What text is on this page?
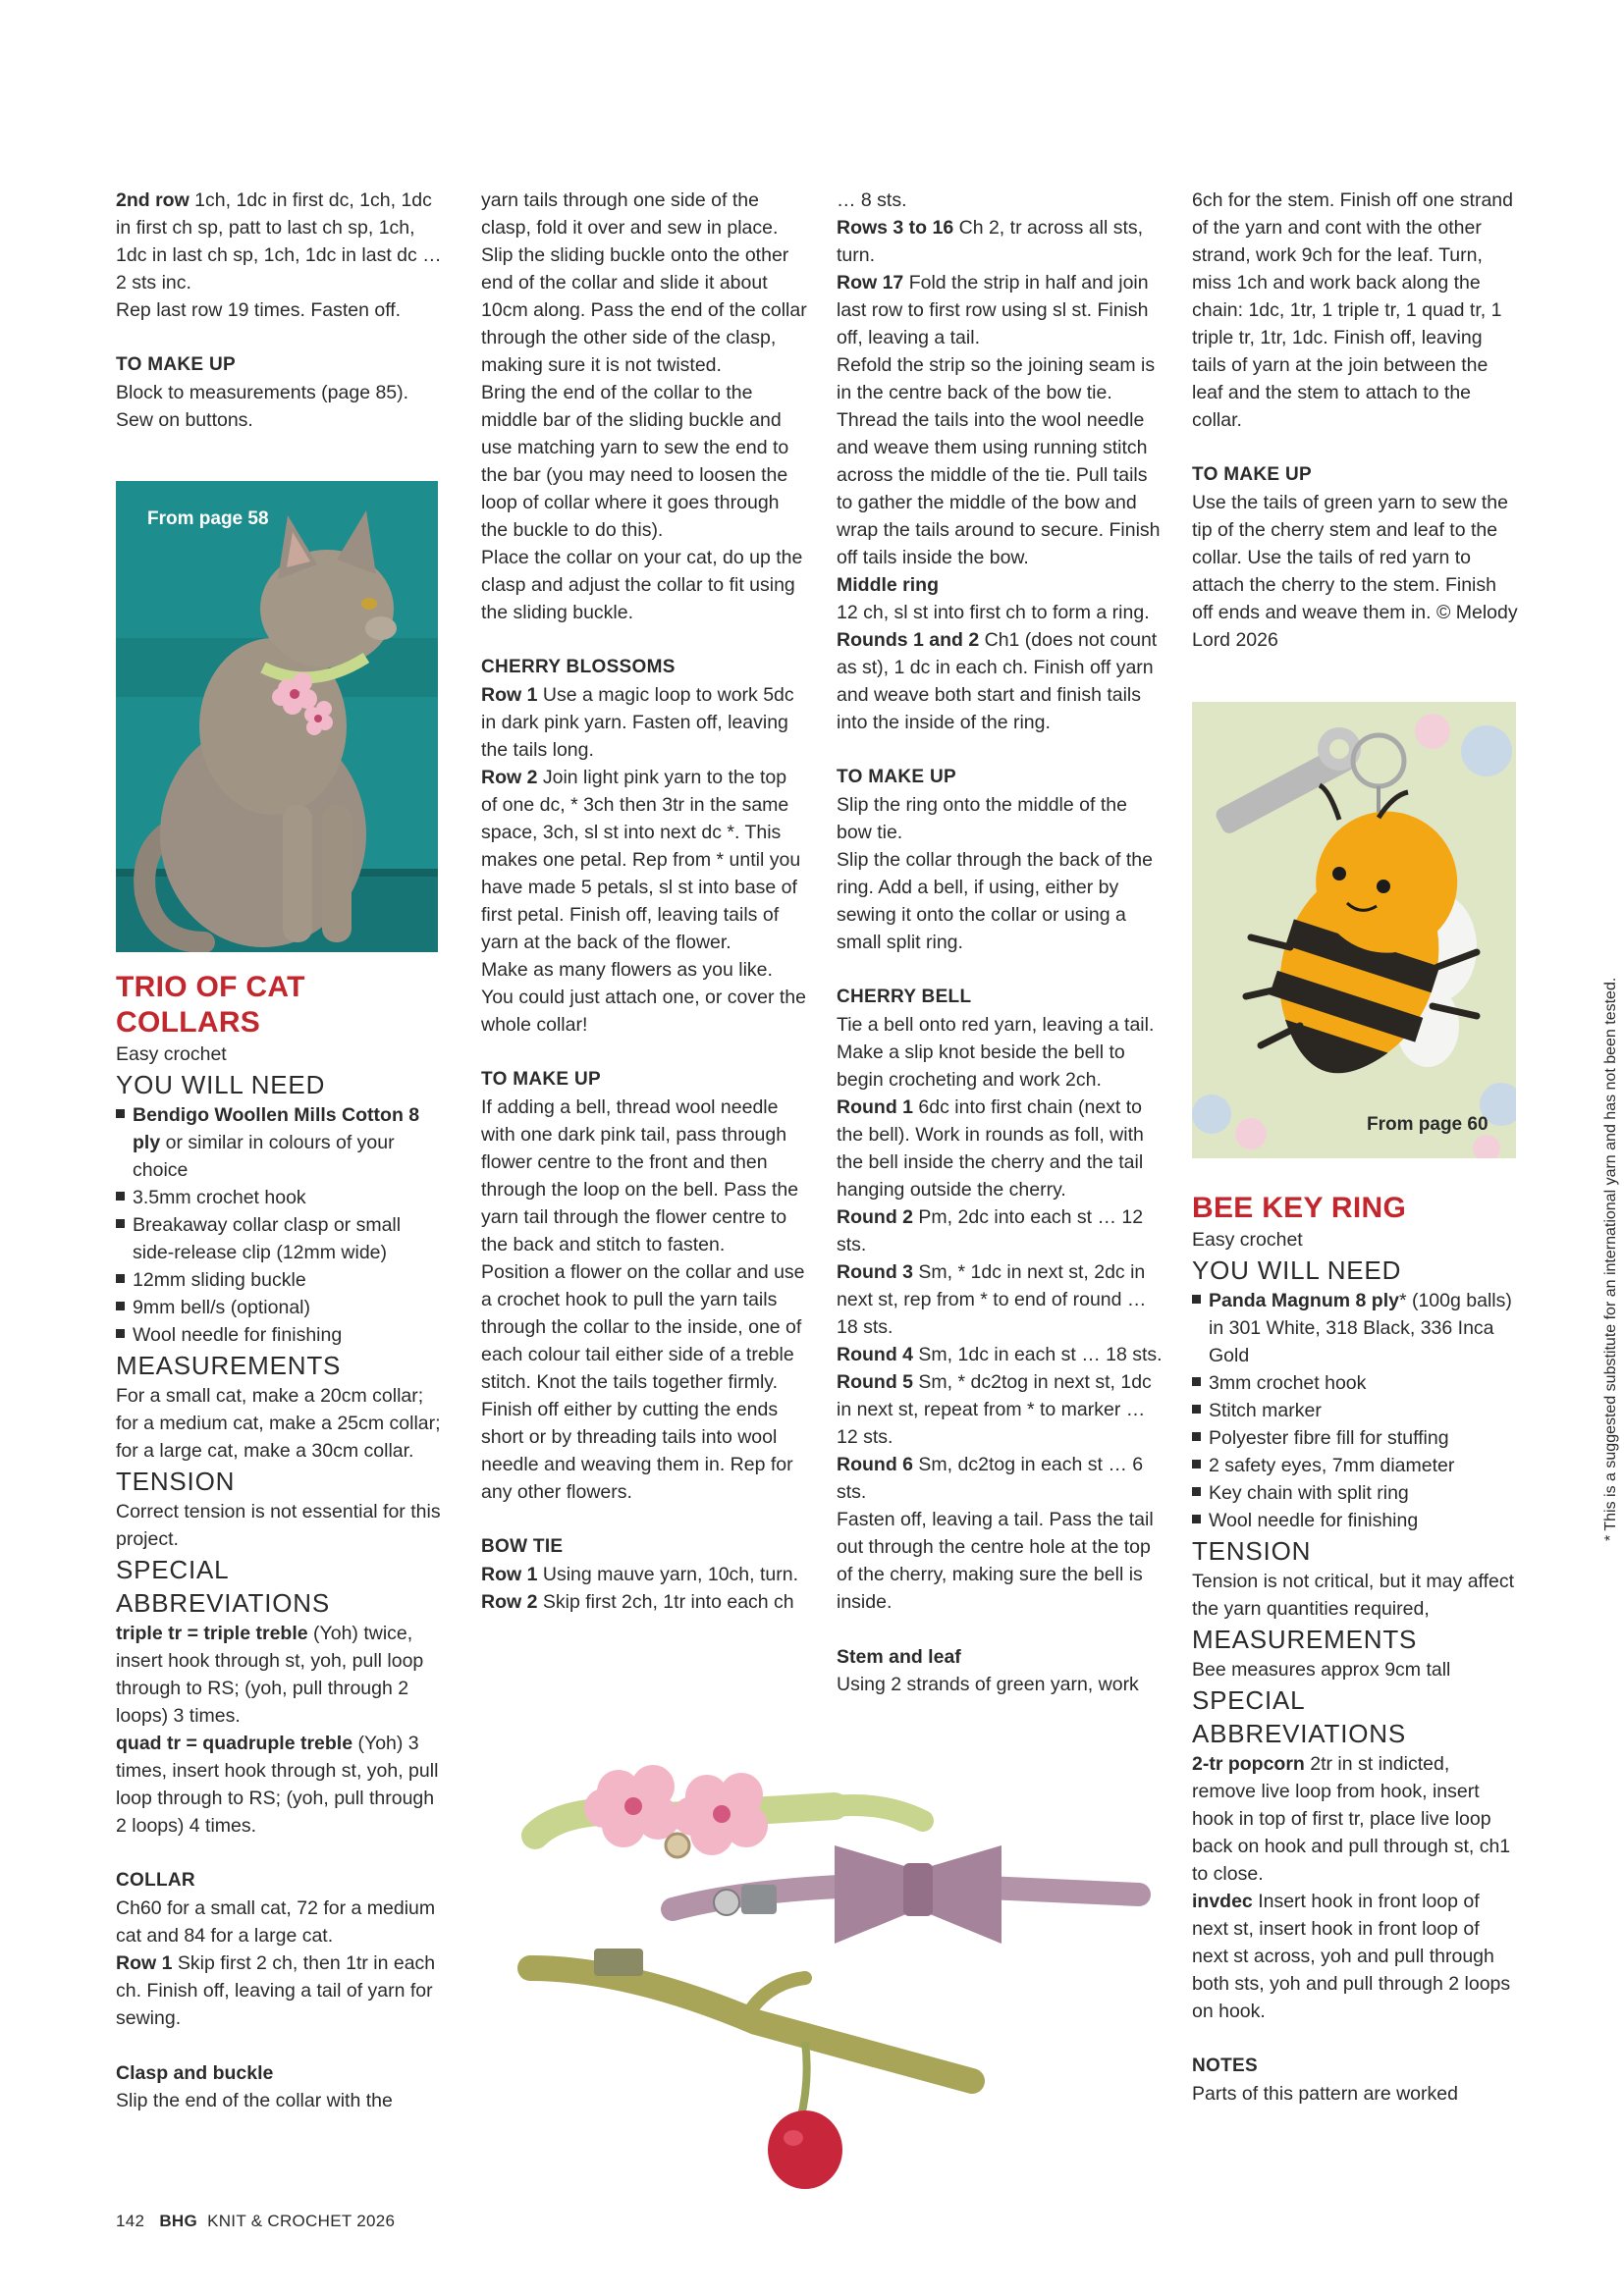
2nd row 1ch, 1dc in first dc, 1ch, 1dc in first ch sp, patt to last ch sp, 1ch, 1dc in last ch sp, 1ch, 1dc in last dc … 2 sts inc.

Rep last row 19 times. Fasten off.

TO MAKE UP

Block to measurements (page 85). Sew on buttons.

From page 58

TRIO OF CAT COLLARS

Easy crochet

YOU WILL NEED

Bendigo Woollen Mills Cotton 8 ply or similar in colours of your choice
3.5mm crochet hook
Breakaway collar clasp or small side-release clip (12mm wide)
12mm sliding buckle
9mm bell/s (optional)
Wool needle for finishing

MEASUREMENTS

For a small cat, make a 20cm collar; for a medium cat, make a 25cm collar; for a large cat, make a 30cm collar.

TENSION

Correct tension is not essential for this project.

SPECIAL ABBREVIATIONS

triple tr = triple treble (Yoh) twice, insert hook through st, yoh, pull loop through to RS; (yoh, pull through 2 loops) 3 times.

quad tr = quadruple treble (Yoh) 3 times, insert hook through st, yoh, pull loop through to RS; (yoh, pull through 2 loops) 4 times.

COLLAR

Ch60 for a small cat, 72 for a medium cat and 84 for a large cat.

Row 1 Skip first 2 ch, then 1tr in each ch. Finish off, leaving a tail of yarn for sewing.

Clasp and buckle

Slip the end of the collar with the

yarn tails through one side of the clasp, fold it over and sew in place. Slip the sliding buckle onto the other end of the collar and slide it about 10cm along. Pass the end of the collar through the other side of the clasp, making sure it is not twisted.

Bring the end of the collar to the middle bar of the sliding buckle and use matching yarn to sew the end to the bar (you may need to loosen the loop of collar where it goes through the buckle to do this).

Place the collar on your cat, do up the clasp and adjust the collar to fit using the sliding buckle.

CHERRY BLOSSOMS

Row 1 Use a magic loop to work 5dc in dark pink yarn. Fasten off, leaving the tails long.

Row 2 Join light pink yarn to the top of one dc, * 3ch then 3tr in the same space, 3ch, sl st into next dc *. This makes one petal. Rep from * until you have made 5 petals, sl st into base of first petal. Finish off, leaving tails of yarn at the back of the flower.

Make as many flowers as you like. You could just attach one, or cover the whole collar!

TO MAKE UP

If adding a bell, thread wool needle with one dark pink tail, pass through flower centre to the front and then through the loop on the bell. Pass the yarn tail through the flower centre to the back and stitch to fasten.

Position a flower on the collar and use a crochet hook to pull the yarn tails through the collar to the inside, one of each colour tail either side of a treble stitch. Knot the tails together firmly. Finish off either by cutting the ends short or by threading tails into wool needle and weaving them in. Rep for any other flowers.

BOW TIE

Row 1 Using mauve yarn, 10ch, turn.

Row 2 Skip first 2ch, 1tr into each ch

… 8 sts.

Rows 3 to 16 Ch 2, tr across all sts, turn.

Row 17 Fold the strip in half and join last row to first row using sl st. Finish off, leaving a tail.

Refold the strip so the joining seam is in the centre back of the bow tie. Thread the tails into the wool needle and weave them using running stitch across the middle of the tie. Pull tails to gather the middle of the bow and wrap the tails around to secure. Finish off tails inside the bow.

Middle ring

12 ch, sl st into first ch to form a ring.

Rounds 1 and 2 Ch1 (does not count as st), 1 dc in each ch. Finish off yarn and weave both start and finish tails into the inside of the ring.

TO MAKE UP

Slip the ring onto the middle of the bow tie.

Slip the collar through the back of the ring. Add a bell, if using, either by sewing it onto the collar or using a small split ring.

CHERRY BELL

Tie a bell onto red yarn, leaving a tail. Make a slip knot beside the bell to begin crocheting and work 2ch.

Round 1 6dc into first chain (next to the bell). Work in rounds as foll, with the bell inside the cherry and the tail hanging outside the cherry.

Round 2 Pm, 2dc into each st … 12 sts.

Round 3 Sm, * 1dc in next st, 2dc in next st, rep from * to end of round … 18 sts.

Round 4 Sm, 1dc in each st … 18 sts.

Round 5 Sm, * dc2tog in next st, 1dc in next st, repeat from * to marker … 12 sts.

Round 6 Sm, dc2tog in each st … 6 sts.

Fasten off, leaving a tail. Pass the tail out through the centre hole at the top of the cherry, making sure the bell is inside.

Stem and leaf

Using 2 strands of green yarn, work

6ch for the stem. Finish off one strand of the yarn and cont with the other strand, work 9ch for the leaf. Turn, miss 1ch and work back along the chain: 1dc, 1tr, 1 triple tr, 1 quad tr, 1 triple tr, 1tr, 1dc. Finish off, leaving tails of yarn at the join between the leaf and the stem to attach to the collar.

TO MAKE UP

Use the tails of green yarn to sew the tip of the cherry stem and leaf to the collar. Use the tails of red yarn to attach the cherry to the stem. Finish off ends and weave them in. © Melody Lord 2026

From page 60

BEE KEY RING

Easy crochet

YOU WILL NEED

Panda Magnum 8 ply* (100g balls) in 301 White, 318 Black, 336 Inca Gold
3mm crochet hook
Stitch marker
Polyester fibre fill for stuffing
2 safety eyes, 7mm diameter
Key chain with split ring
Wool needle for finishing

TENSION

Tension is not critical, but it may affect the yarn quantities required,

MEASUREMENTS

Bee measures approx 9cm tall

SPECIAL ABBREVIATIONS

2-tr popcorn 2tr in st indicted, remove live loop from hook, insert hook in top of first tr, place live loop back on hook and pull through st, ch1 to close.

invdec Insert hook in front loop of next st, insert hook in front loop of next st across, yoh and pull through both sts, yoh and pull through 2 loops on hook.

NOTES

Parts of this pattern are worked

142 BHG KNIT & CROCHET 2026
* This is a suggested substitute for an international yarn and has not been tested.
